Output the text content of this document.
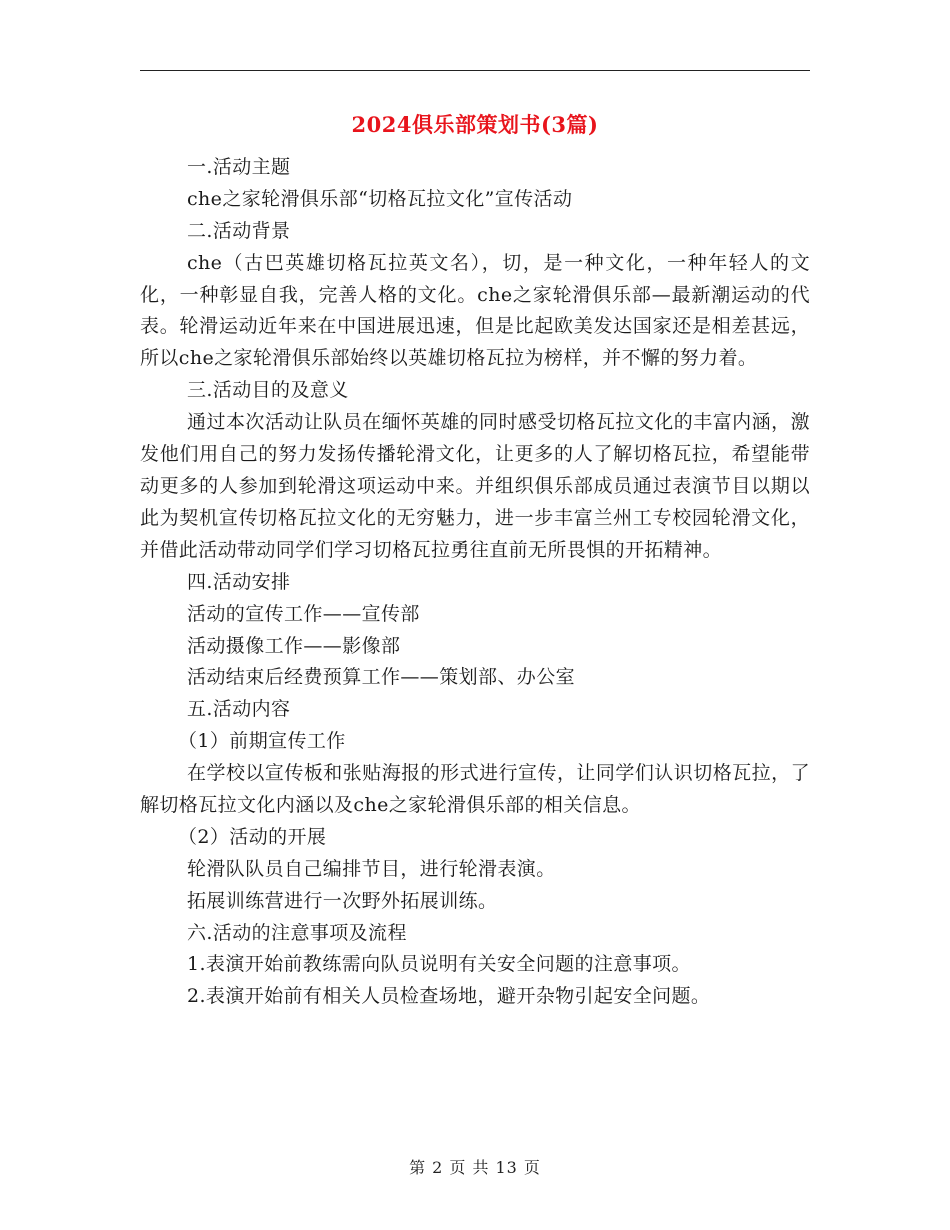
2024俱乐部策划书(3篇)
一.活动主题
che之家轮滑俱乐部“切格瓦拉文化”宣传活动
二.活动背景
che（古巴英雄切格瓦拉英文名），切，是一种文化，一种年轻人的文化，一种彰显自我，完善人格的文化。che之家轮滑俱乐部—最新潮运动的代表。轮滑运动近年来在中国进展迅速，但是比起欧美发达国家还是相差甚远，所以che之家轮滑俱乐部始终以英雄切格瓦拉为榜样，并不懈的努力着。
三.活动目的及意义
通过本次活动让队员在缅怀英雄的同时感受切格瓦拉文化的丰富内涵，激发他们用自己的努力发扬传播轮滑文化，让更多的人了解切格瓦拉，希望能带动更多的人参加到轮滑这项运动中来。并组织俱乐部成员通过表演节目以期以此为契机宣传切格瓦拉文化的无穷魅力，进一步丰富兰州工专校园轮滑文化，并借此活动带动同学们学习切格瓦拉勇往直前无所畏惧的开拓精神。
四.活动安排
活动的宣传工作——宣传部
活动摄像工作——影像部
活动结束后经费预算工作——策划部、办公室
五.活动内容
（1）前期宣传工作
在学校以宣传板和张贴海报的形式进行宣传，让同学们认识切格瓦拉，了解切格瓦拉文化内涵以及che之家轮滑俱乐部的相关信息。
（2）活动的开展
轮滑队队员自己编排节目，进行轮滑表演。
拓展训练营进行一次野外拓展训练。
六.活动的注意事项及流程
1.表演开始前教练需向队员说明有关安全问题的注意事项。
2.表演开始前有相关人员检查场地，避开杂物引起安全问题。
第 2 页 共 13 页
